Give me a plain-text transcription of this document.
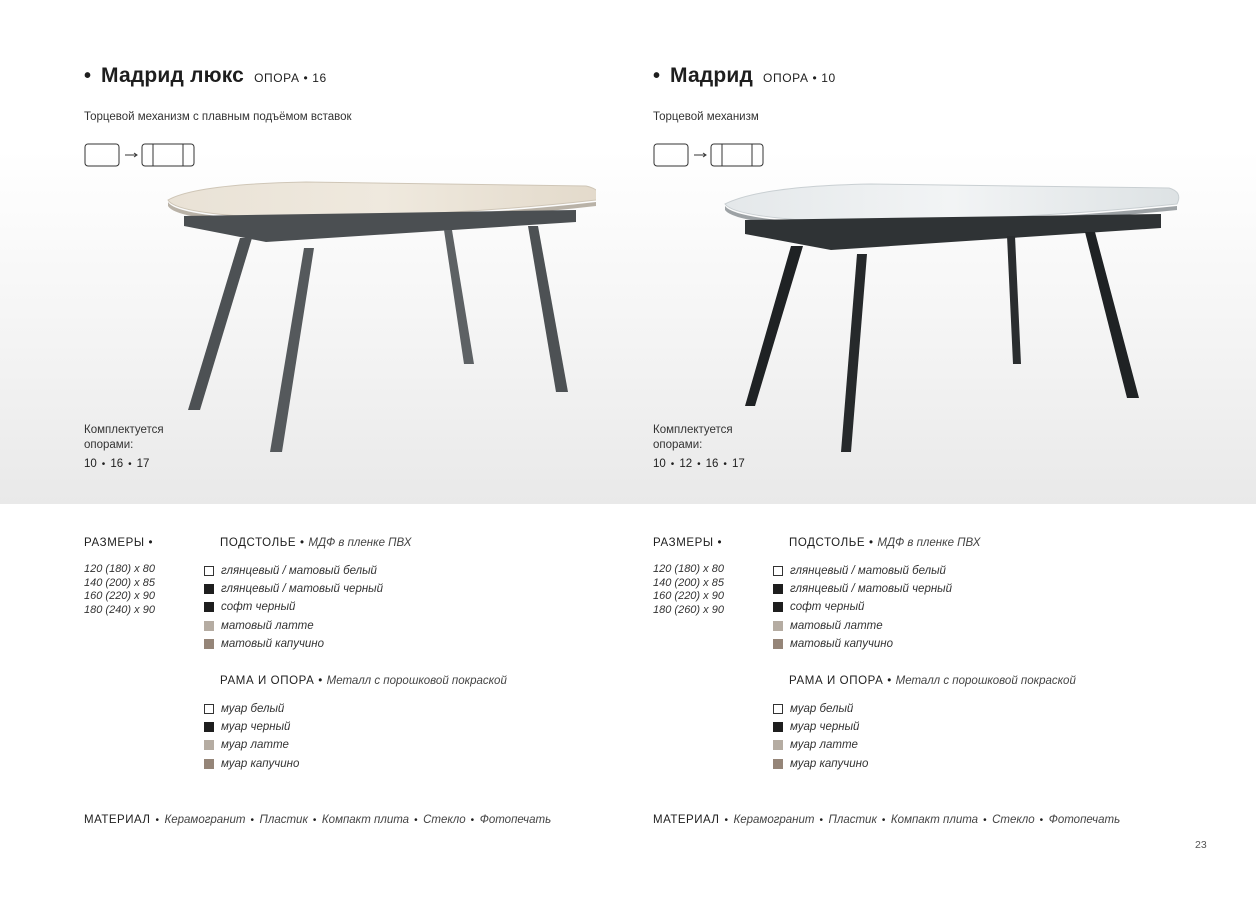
• Мадрид люкс ОПОРА • 16
Торцевой механизм с плавным подъёмом вставок
Комплектуется опорами:
10 • 16 • 17
РАЗМЕРЫ •
120 (180) x 80
140 (200) x 85
160 (220) x 90
180 (240) x 90
ПОДСТОЛЬЕ • МДФ в пленке ПВХ
глянцевый / матовый белый
глянцевый / матовый черный
софт черный
матовый латте
матовый капучино
РАМА И ОПОРА • Металл с порошковой покраской
муар белый
муар черный
муар латте
муар капучино
МАТЕРИАЛ • Керамогранит • Пластик • Компакт плита • Стекло • Фотопечать
• Мадрид ОПОРА • 10
Торцевой механизм
Комплектуется опорами:
10 • 12 • 16 • 17
РАЗМЕРЫ •
120 (180) x 80
140 (200) x 85
160 (220) x 90
180 (260) x 90
ПОДСТОЛЬЕ • МДФ в пленке ПВХ
глянцевый / матовый белый
глянцевый / матовый черный
софт черный
матовый латте
матовый капучино
РАМА И ОПОРА • Металл с порошковой покраской
муар белый
муар черный
муар латте
муар капучино
МАТЕРИАЛ • Керамогранит • Пластик • Компакт плита • Стекло • Фотопечать
23
